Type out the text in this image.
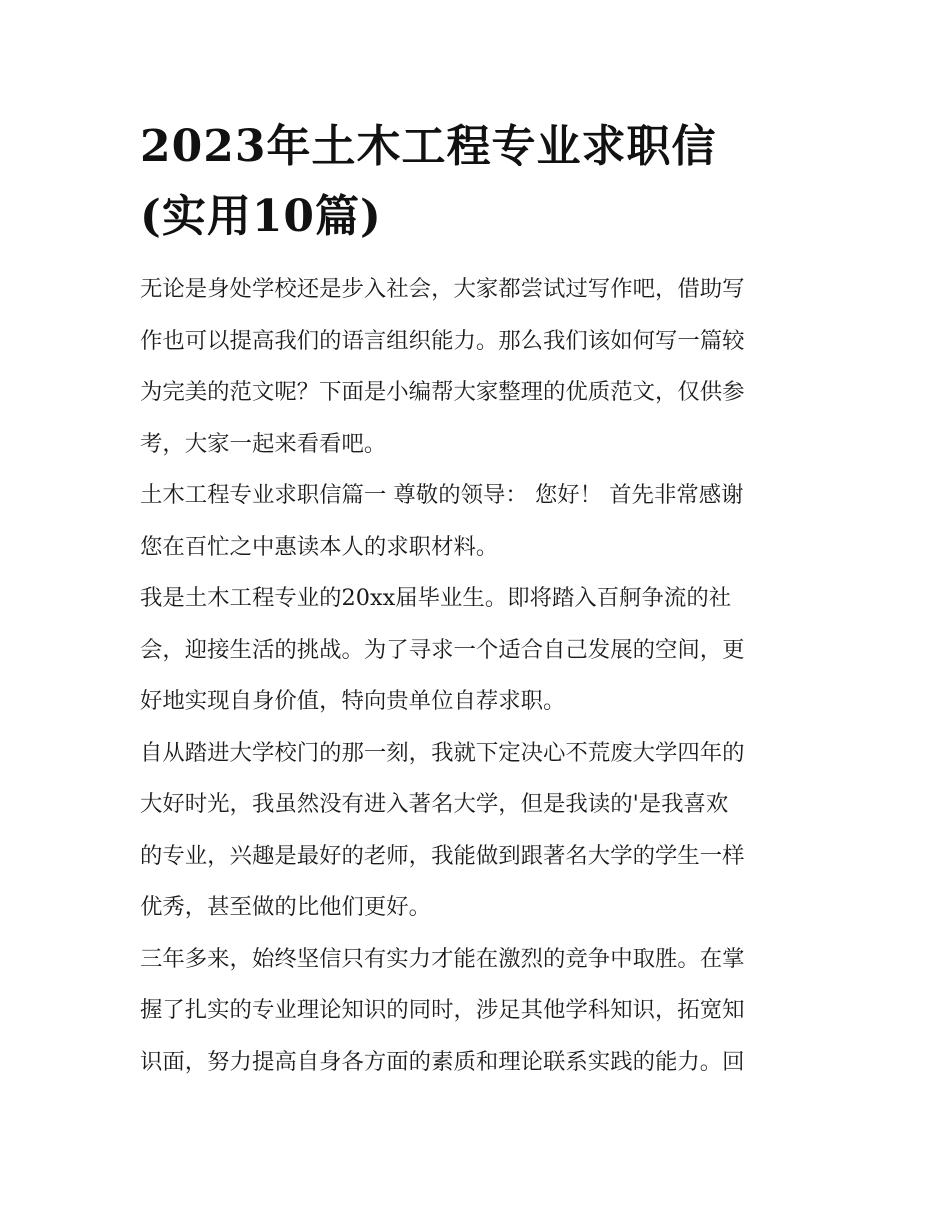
2023年土木工程专业求职信
(实用10篇)

无论是身处学校还是步入社会，大家都尝试过写作吧，借助写
作也可以提高我们的语言组织能力。那么我们该如何写一篇较
为完美的范文呢？下面是小编帮大家整理的优质范文，仅供参
考，大家一起来看看吧。

土木工程专业求职信篇一 尊敬的领导： 您好！ 首先非常感谢
您在百忙之中惠读本人的求职材料。

我是土木工程专业的20xx届毕业生。即将踏入百舸争流的社
会，迎接生活的挑战。为了寻求一个适合自己发展的空间，更
好地实现自身价值，特向贵单位自荐求职。

自从踏进大学校门的那一刻，我就下定决心不荒废大学四年的
大好时光，我虽然没有进入著名大学，但是我读的'是我喜欢
的专业，兴趣是最好的老师，我能做到跟著名大学的学生一样
优秀，甚至做的比他们更好。

三年多来，始终坚信只有实力才能在激烈的竞争中取胜。在掌
握了扎实的专业理论知识的同时，涉足其他学科知识，拓宽知
识面，努力提高自身各方面的素质和理论联系实践的能力。回
